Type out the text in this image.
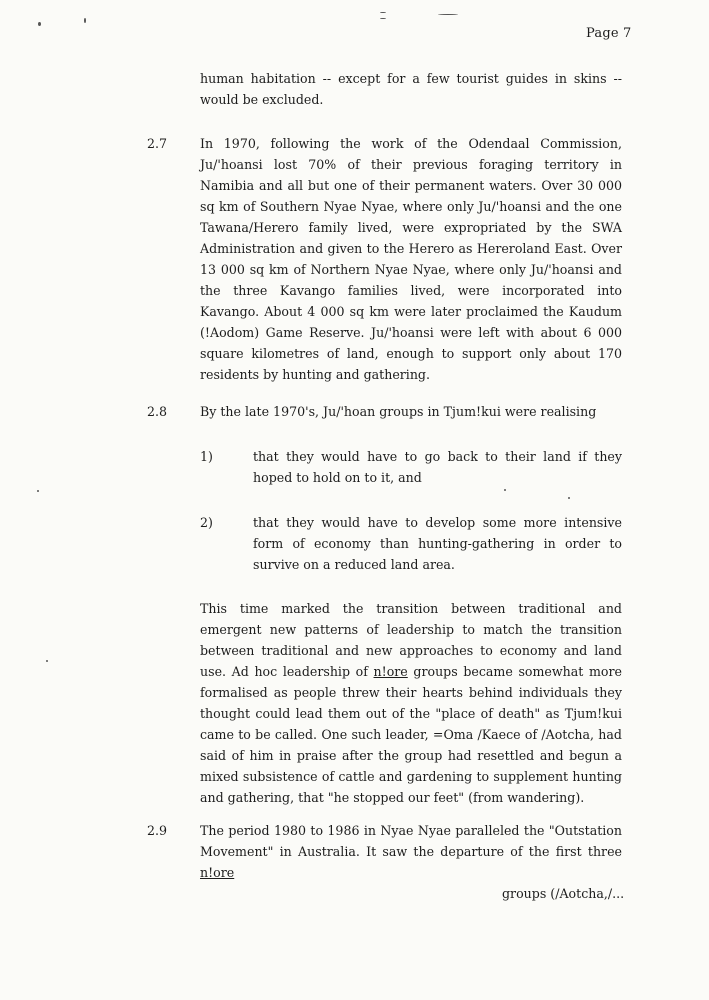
Page 7

human habitation -- except for a few tourist guides in skins -- would be excluded.

2.7	In 1970, following the work of the Odendaal Commission, Ju/'hoansi lost 70% of their previous foraging territory in Namibia and all but one of their permanent waters. Over 30 000 sq km of Southern Nyae Nyae, where only Ju/'hoansi and the one Tawana/Herero family lived, were expropriated by the SWA Administration and given to the Herero as Hereroland East. Over 13 000 sq km of Northern Nyae Nyae, where only Ju/'hoansi and the three Kavango families lived, were incorporated into Kavango. About 4 000 sq km were later proclaimed the Kaudum (!Aodom) Game Reserve. Ju/'hoansi were left with about 6 000 square kilometres of land, enough to support only about 170 residents by hunting and gathering.

2.8	By the late 1970's, Ju/'hoan groups in Tjum!kui were realising

1)	that they would have to go back to their land if they hoped to hold on to it, and

2)	that they would have to develop some more intensive form of economy than hunting-gathering in order to survive on a reduced land area.

This time marked the transition between traditional and emergent new patterns of leadership to match the transition between traditional and new approaches to economy and land use. Ad hoc leadership of n!ore groups became somewhat more formalised as people threw their hearts behind individuals they thought could lead them out of the "place of death" as Tjum!kui came to be called. One such leader, =Oma /Kaece of /Aotcha, had said of him in praise after the group had resettled and begun a mixed subsistence of cattle and gardening to supplement hunting and gathering, that "he stopped our feet" (from wandering).

2.9	The period 1980 to 1986 in Nyae Nyae paralleled the "Outstation Movement" in Australia. It saw the departure of the first three n!ore

groups (/Aotcha,/...
